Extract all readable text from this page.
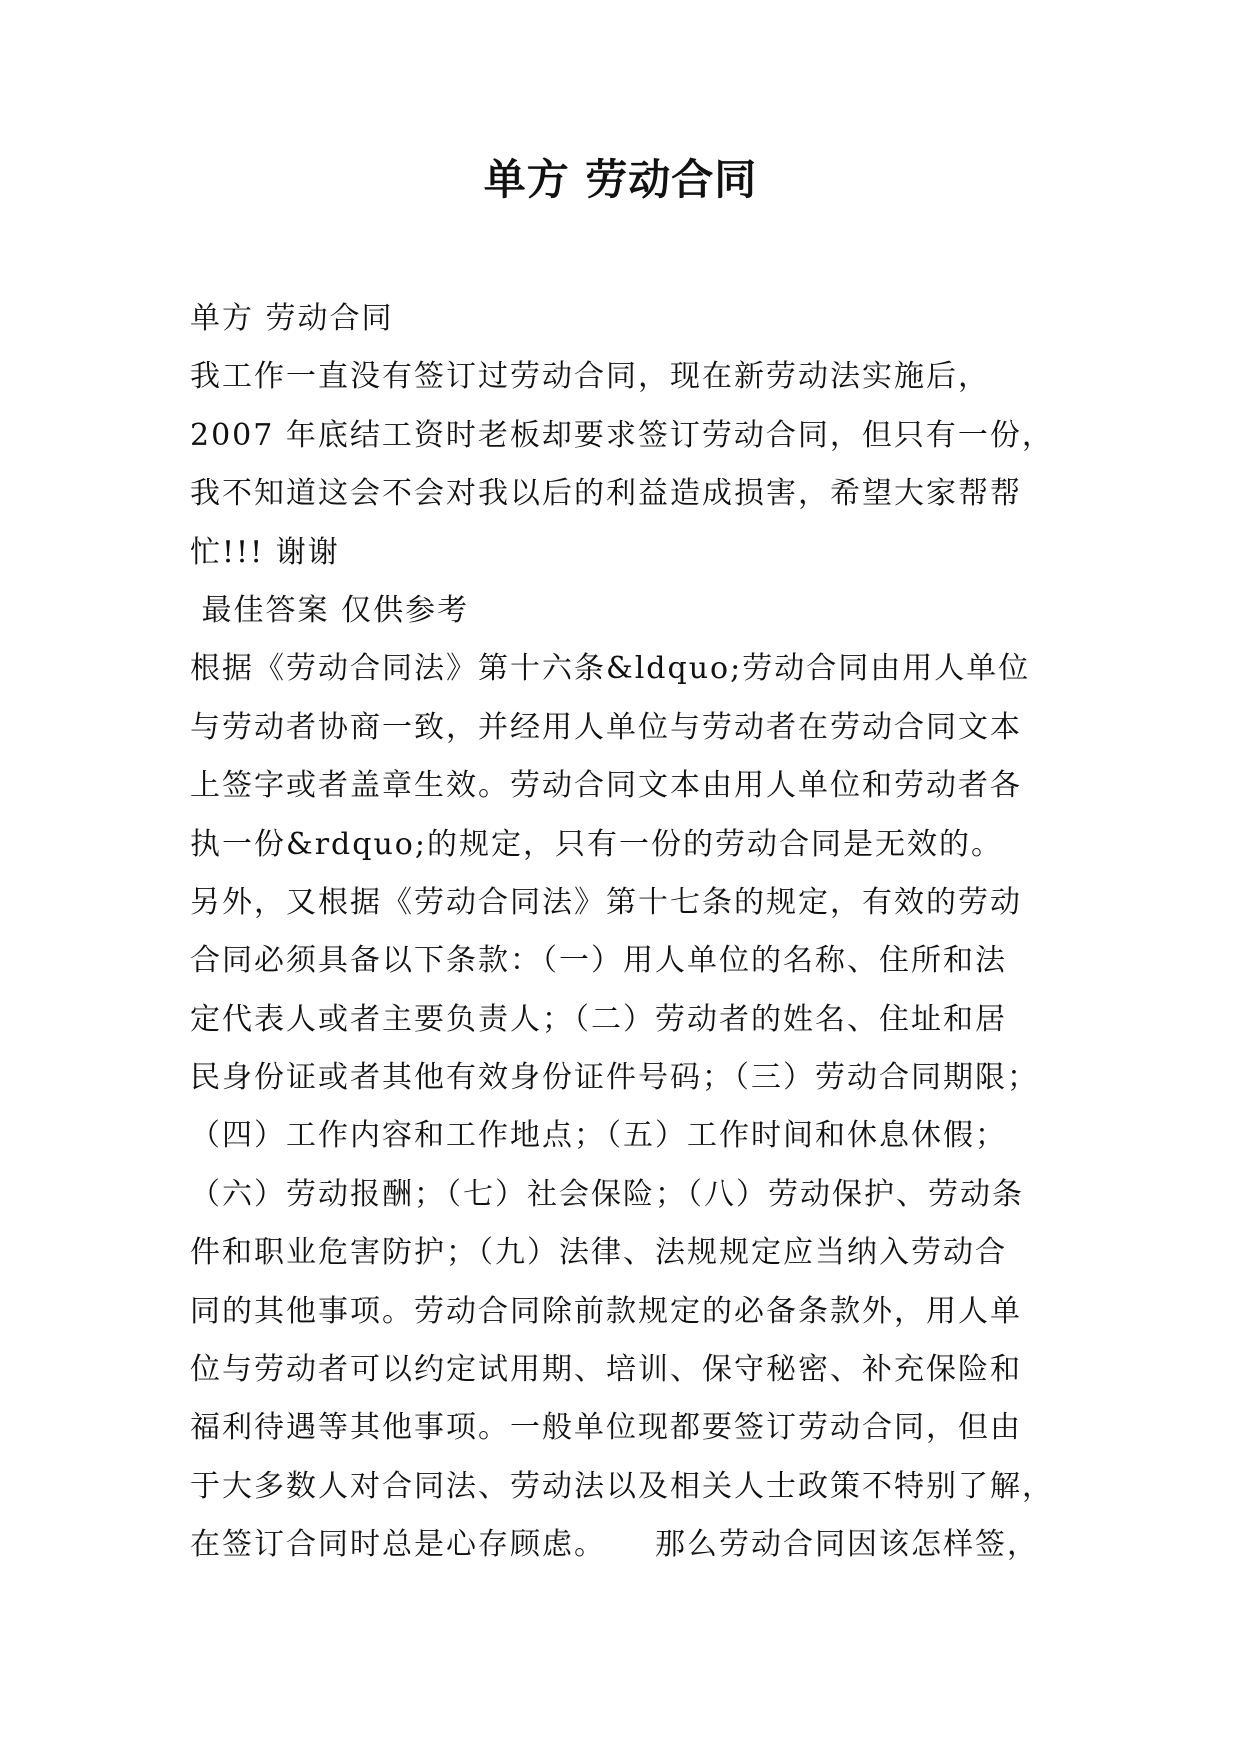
单方 劳动合同
单方 劳动合同
我工作一直没有签订过劳动合同，现在新劳动法实施后，
2007 年底结工资时老板却要求签订劳动合同，但只有一份，
我不知道这会不会对我以后的利益造成损害，希望大家帮帮
忙!!! 谢谢
最佳答案 仅供参考
根据《劳动合同法》第十六条&ldquo;劳动合同由用人单位
与劳动者协商一致，并经用人单位与劳动者在劳动合同文本
上签字或者盖章生效。劳动合同文本由用人单位和劳动者各
执一份&rdquo;的规定，只有一份的劳动合同是无效的。
另外，又根据《劳动合同法》第十七条的规定，有效的劳动
合同必须具备以下条款：（一）用人单位的名称、住所和法
定代表人或者主要负责人；（二）劳动者的姓名、住址和居
民身份证或者其他有效身份证件号码；（三）劳动合同期限；
（四）工作内容和工作地点；（五）工作时间和休息休假；
（六）劳动报酬；（七）社会保险；（八）劳动保护、劳动条
件和职业危害防护；（九）法律、法规规定应当纳入劳动合
同的其他事项。劳动合同除前款规定的必备条款外，用人单
位与劳动者可以约定试用期、培训、保守秘密、补充保险和
福利待遇等其他事项。一般单位现都要签订劳动合同，但由
于大多数人对合同法、劳动法以及相关人士政策不特别了解，
在签订合同时总是心存顾虑。　　那么劳动合同因该怎样签，
